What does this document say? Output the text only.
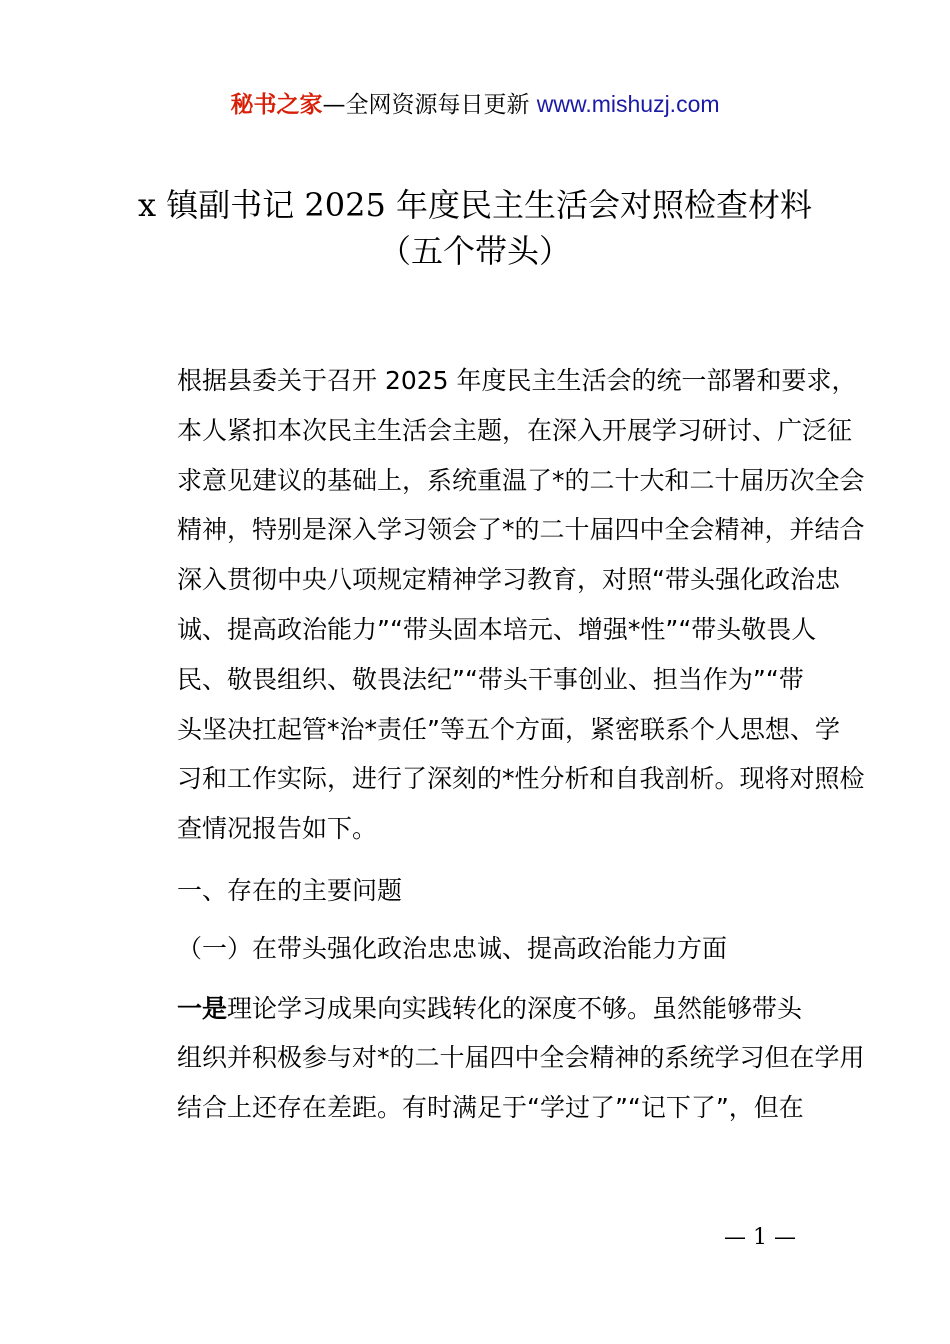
秘书之家—全网资源每日更新 www.mishuzj.com
x 镇副书记 2025 年度民主生活会对照检查材料
（五个带头）

根据县委关于召开 2025 年度民主生活会的统一部署和要求，
本人紧扣本次民主生活会主题，在深入开展学习研讨、广泛征
求意见建议的基础上，系统重温了*的二十大和二十届历次全会
精神，特别是深入学习领会了*的二十届四中全会精神，并结合
深入贯彻中央八项规定精神学习教育，对照“带头强化政治忠
诚、提高政治能力”“带头固本培元、增强*性”“带头敬畏人
民、敬畏组织、敬畏法纪”“带头干事创业、担当作为”“带
头坚决扛起管*治*责任”等五个方面，紧密联系个人思想、学
习和工作实际，进行了深刻的*性分析和自我剖析。现将对照检
查情况报告如下。

一、存在的主要问题

（一）在带头强化政治忠忠诚、提高政治能力方面

一是理论学习成果向实践转化的深度不够。虽然能够带头
组织并积极参与对*的二十届四中全会精神的系统学习但在学用
结合上还存在差距。有时满足于“学过了”“记下了”，但在

— 1 —
